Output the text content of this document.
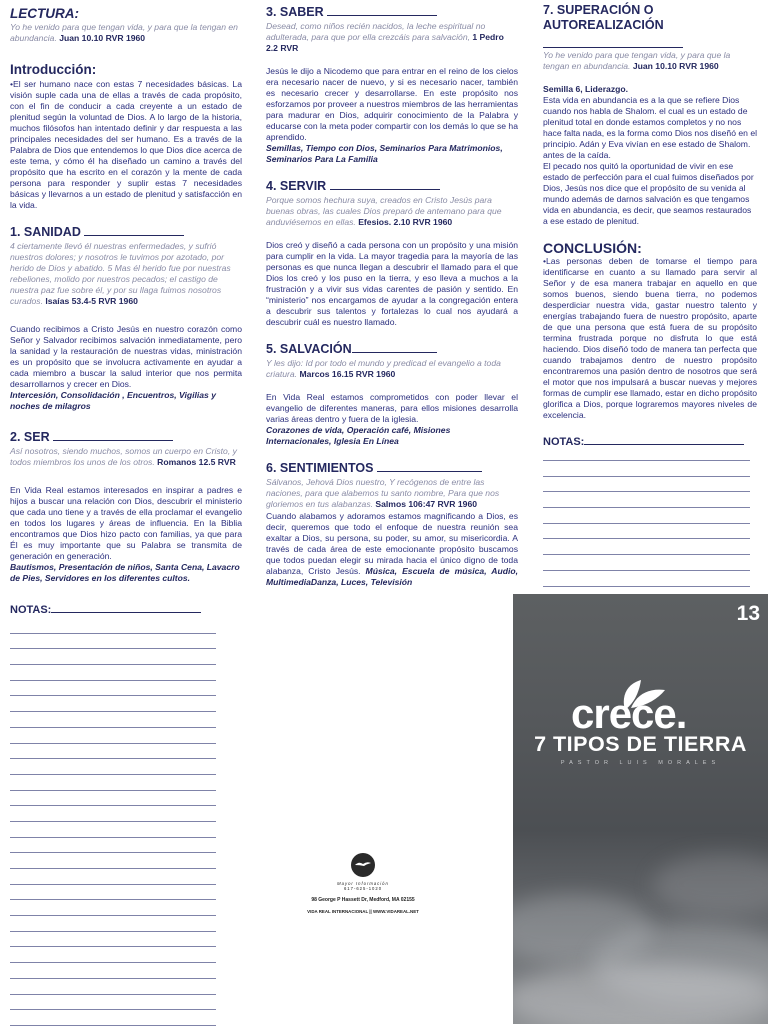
LECTURA:

Yo he venido para que tengan vida, y para que la tengan en abundancia. Juan 10.10 RVR 1960

Introducción:

•El ser humano nace con estas 7 necesidades básicas. La visión suple cada una de ellas a través de cada propósito, con el fin de conducir a cada creyente a un estado de plenitud según la voluntad de Dios. A lo largo de la historia, muchos filósofos han intentado definir y dar respuesta a las principales necesidades del ser humano. Es a través de la Palabra de Dios que entendemos lo que Dios dice acerca de este tema, y cómo él ha diseñado un camino a través del propósito que ha escrito en el corazón y la mente de cada persona para responder y suplir estas 7 necesidades básicas y llevarnos a un estado de plenitud y satisfacción en la vida.

1. SANIDAD

4 ciertamente llevó él nuestras enfermedades, y sufrió nuestros dolores; y nosotros le tuvimos por azotado, por herido de Dios y abatido. 5 Mas él herido fue por nuestras rebeliones, molido por nuestros pecados; el castigo de nuestra paz fue sobre él, y por su llaga fuimos nosotros curados. Isaías 53.4-5 RVR 1960

Cuando recibimos a Cristo Jesús en nuestro corazón como Señor y Salvador recibimos salvación inmediatamente, pero la sanidad y la restauración de nuestras vidas, ministración es un propósito que se involucra activamente en ayudar a cada miembro a buscar la salud interior que nos permita desarrollarnos y crecer en Dios.

Intercesión, Consolidación , Encuentros, Vigilias y noches de milagros

2. SER

Así nosotros, siendo muchos, somos un cuerpo en Cristo, y todos miembros los unos de los otros. Romanos 12.5 RVR

En Vida Real estamos interesados en inspirar a padres e hijos a buscar una relación con Dios, descubrir el ministerio que cada uno tiene y a través de ella proclamar el evangelio en todos los lugares y áreas de influencia. En la Biblia encontramos que Dios hizo pacto con familias, ya que para Él es muy importante que su Palabra se transmita de generación en generación.

Bautismos, Presentación de niños, Santa Cena, Lavacro de Pies, Servidores en los diferentes cultos.

NOTAS:

3. SABER

Desead, como niños recién nacidos, la leche espiritual no adulterada, para que por ella crezcáis para salvación, 1 Pedro 2.2 RVR

Jesús le dijo a Nicodemo que para entrar en el reino de los cielos era necesario nacer de nuevo, y si es necesario nacer, también es necesario crecer y desarrollarse. En este propósito nos esforzamos por proveer a nuestros miembros de las herramientas para madurar en Dios, adquirir conocimiento de la Palabra y educarse con la meta poder compartir con los demás lo que se ha aprendido.

Semillas, Tiempo con Dios, Seminarios Para Matrimonios, Seminarios Para La Familia

4. SERVIR

Porque somos hechura suya, creados en Cristo Jesús para buenas obras, las cuales Dios preparó de antemano para que anduviésemos en ellas. Efesios. 2.10 RVR 1960

Dios creó y diseñó a cada persona con un propósito y una misión para cumplir en la vida. La mayor tragedia para la mayoría de las personas es que nunca llegan a descubrir el llamado para el que Dios los creó y los puso en la tierra, y eso lleva a muchos a la frustración y a vivir sus vidas carentes de pasión y sentido. En “ministerio” nos encargamos de ayudar a la congregación entera a descubrir sus talentos y fortalezas lo cual nos ayudará a descubrir cuál es nuestro llamado.

5. SALVACIÓN

Y les dijo: Id por todo el mundo y predicad el evangelio a toda criatura. Marcos 16.15 RVR 1960

En Vida Real estamos comprometidos con poder llevar el evangelio de diferentes maneras, para ellos misiones desarrolla varias áreas dentro y fuera de la iglesia.

Corazones de vida, Operación café, Misiones Internacionales, Iglesia En Línea

6. SENTIMIENTOS

Sálvanos, Jehová Dios nuestro, Y recógenos de entre las naciones, para que alabemos tu santo nombre, Para que nos gloriemos en tus alabanzas. Salmos 106:47 RVR 1960

Cuando alabamos y adoramos estamos magnificando a Dios, es decir, queremos que todo el enfoque de nuestra reunión sea exaltar a Dios, su persona, su poder, su amor, su misericordia. A través de cada área de este emocionante propósito buscamos que todos puedan elegir su mirada hacia el único digno de toda alabanza, Cristo Jesús. Música, Escuela de música, Audio, MultimediaDanza, Luces, Televisión

7. SUPERACIÓN O AUTOREALIZACIÓN

Yo he venido para que tengan vida, y para que la tengan en abundancia. Juan 10.10 RVR 1960

Semilla 6, Liderazgo.

Esta vida en abundancia es a la que se refiere Dios cuando nos habla de Shalom. el cual es un estado de plenitud total en donde estamos completos y no nos hace falta nada, es la forma como Dios nos diseñó en el principio. Adán y Eva vivían en ese estado de Shalom. antes de la caída.

El pecado nos quitó la oportunidad de vivir en ese estado de perfección para el cual fuimos diseñados por Dios, Jesús nos dice que el propósito de su venida al mundo además de darnos salvación es que tengamos vida en abundancia, es decir, que seamos restaurados a ese estado de plenitud.

CONCLUSIÓN:

•Las personas deben de tomarse el tiempo para identificarse en cuanto a su llamado para servir al Señor y de esa manera trabajar en aquello en que somos buenos, siendo buena tierra, no podemos desperdiciar nuestra vida, gastar nuestro talento y energías trabajando fuera de nuestro propósito, aparte de que una persona que está fuera de su propósito termina frustrada porque no disfruta lo que está haciendo. Dios diseñó todo de manera tan perfecta que cuando trabajamos dentro de nuestro propósito encontraremos una pasión dentro de nosotros que será el motor que nos impulsará a buscar nuevas y mejores formas de cumplir ese llamado, estar en dicho propósito glorifica a Dios, porque lograremos mayores niveles de excelencia.

NOTAS:

Mayor Información
617-625-1020
98 George P Hassett Dr, Medford, MA 02155
VIDA REAL INTERNACIONAL || WWW.VIDAREAL.NET
13
crece.
7 TIPOS DE TIERRA
PASTOR LUIS MORALES
